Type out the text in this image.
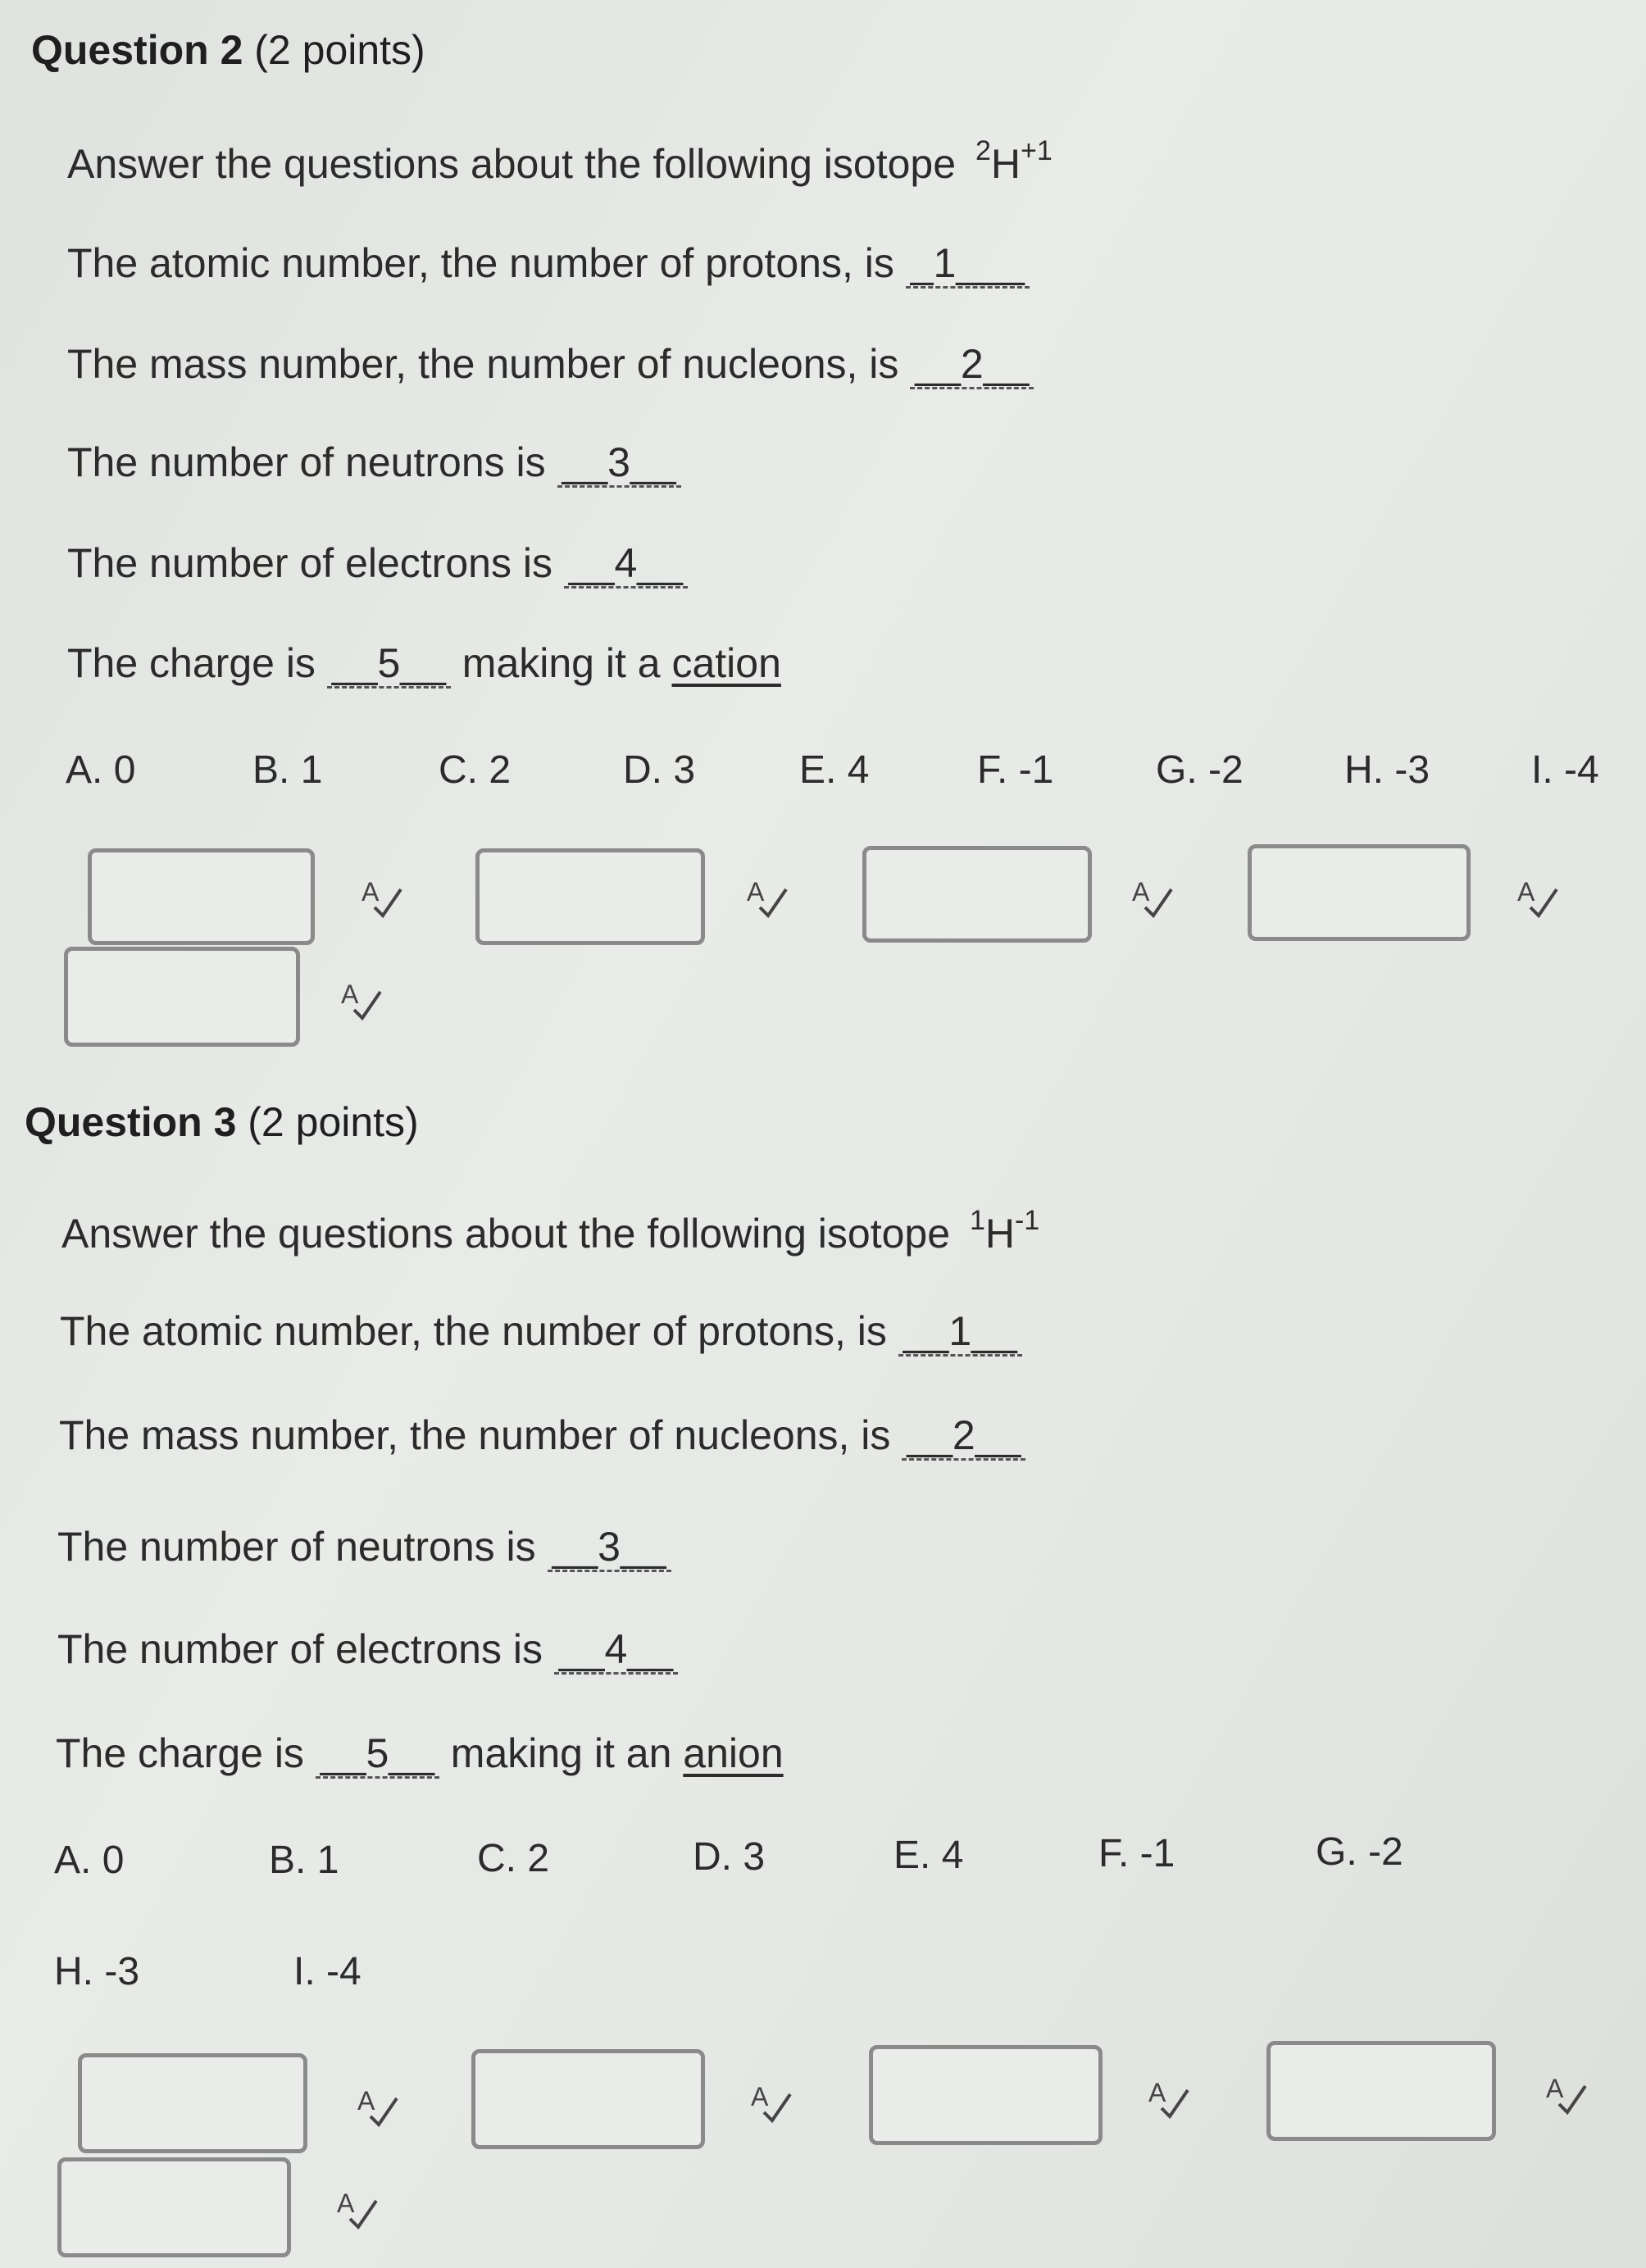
Question 2 (2 points)
Answer the questions about the following isotope $^2H^{+1}$
The atomic number, the number of protons, is _1___
The mass number, the number of nucleons, is __2__
The number of neutrons is __3__
The number of electrons is __4__
The charge is __5__ making it a cation
A. 0	B. 1	C. 2	D. 3	E. 4	F. -1	G. -2	H. -3	I. -4
A	A	A	A
A
Question 3 (2 points)
Answer the questions about the following isotope $^1H^{-1}$
The atomic number, the number of protons, is __1__
The mass number, the number of nucleons, is __2__
The number of neutrons is __3__
The number of electrons is __4__
The charge is __5__ making it an anion
A. 0	B. 1	C. 2	D. 3	E. 4	F. -1	G. -2
H. -3	I. -4
A	A	A	A
A
